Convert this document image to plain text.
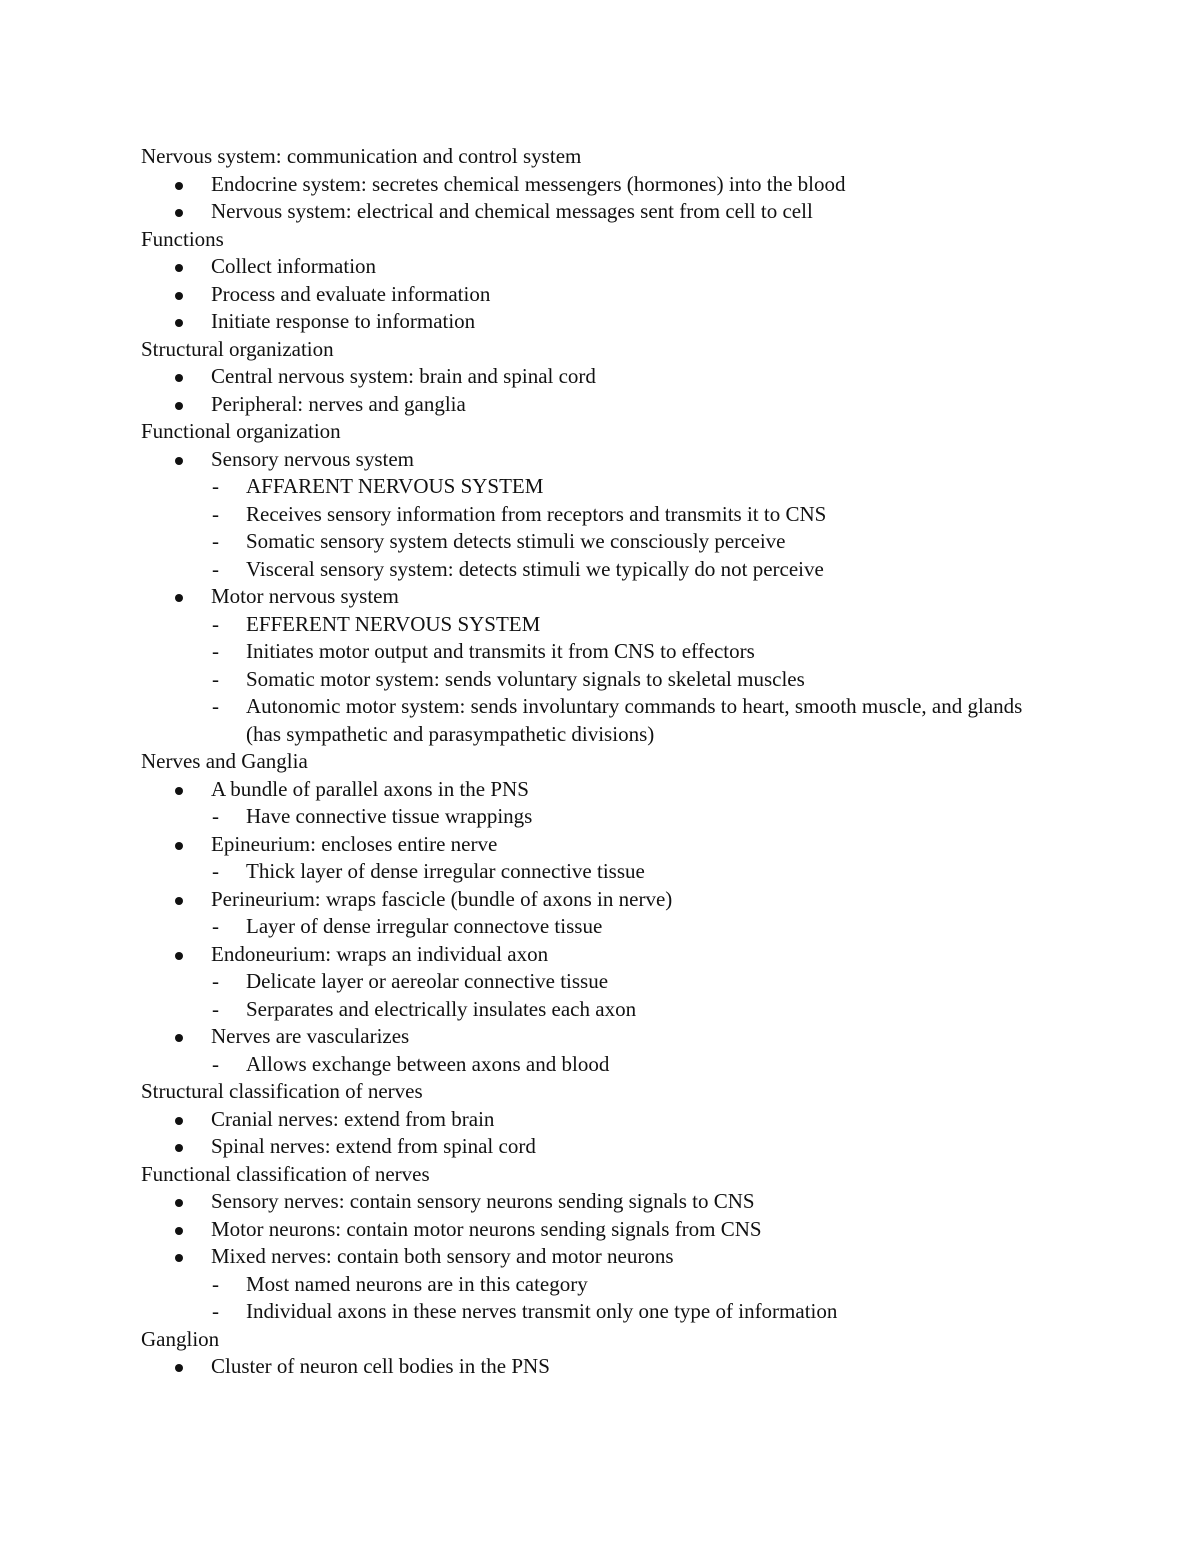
Nervous system: communication and control system
Endocrine system: secretes chemical messengers (hormones) into the blood
Nervous system: electrical and chemical messages sent from cell to cell
Functions
Collect information
Process and evaluate information
Initiate response to information
Structural organization
Central nervous system: brain and spinal cord
Peripheral: nerves and ganglia
Functional organization
Sensory nervous system
- AFFARENT NERVOUS SYSTEM
- Receives sensory information from receptors and transmits it to CNS
- Somatic sensory system detects stimuli we consciously perceive
- Visceral sensory system: detects stimuli we typically do not perceive
Motor nervous system
- EFFERENT NERVOUS SYSTEM
- Initiates motor output and transmits it from CNS to effectors
- Somatic motor system: sends voluntary signals to skeletal muscles
- Autonomic motor system: sends involuntary commands to heart, smooth muscle, and glands (has sympathetic and parasympathetic divisions)
Nerves and Ganglia
A bundle of parallel axons in the PNS
- Have connective tissue wrappings
Epineurium: encloses entire nerve
- Thick layer of dense irregular connective tissue
Perineurium: wraps fascicle (bundle of axons in nerve)
- Layer of dense irregular connectove tissue
Endoneurium: wraps an individual axon
- Delicate layer or aereolar connective tissue
- Serparates and electrically insulates each axon
Nerves are vascularizes
- Allows exchange between axons and blood
Structural classification of nerves
Cranial nerves: extend from brain
Spinal nerves: extend from spinal cord
Functional classification of nerves
Sensory nerves: contain sensory neurons sending signals to CNS
Motor neurons: contain motor neurons sending signals from CNS
Mixed nerves: contain both sensory and motor neurons
- Most named neurons are in this category
- Individual axons in these nerves transmit only one type of information
Ganglion
Cluster of neuron cell bodies in the PNS
